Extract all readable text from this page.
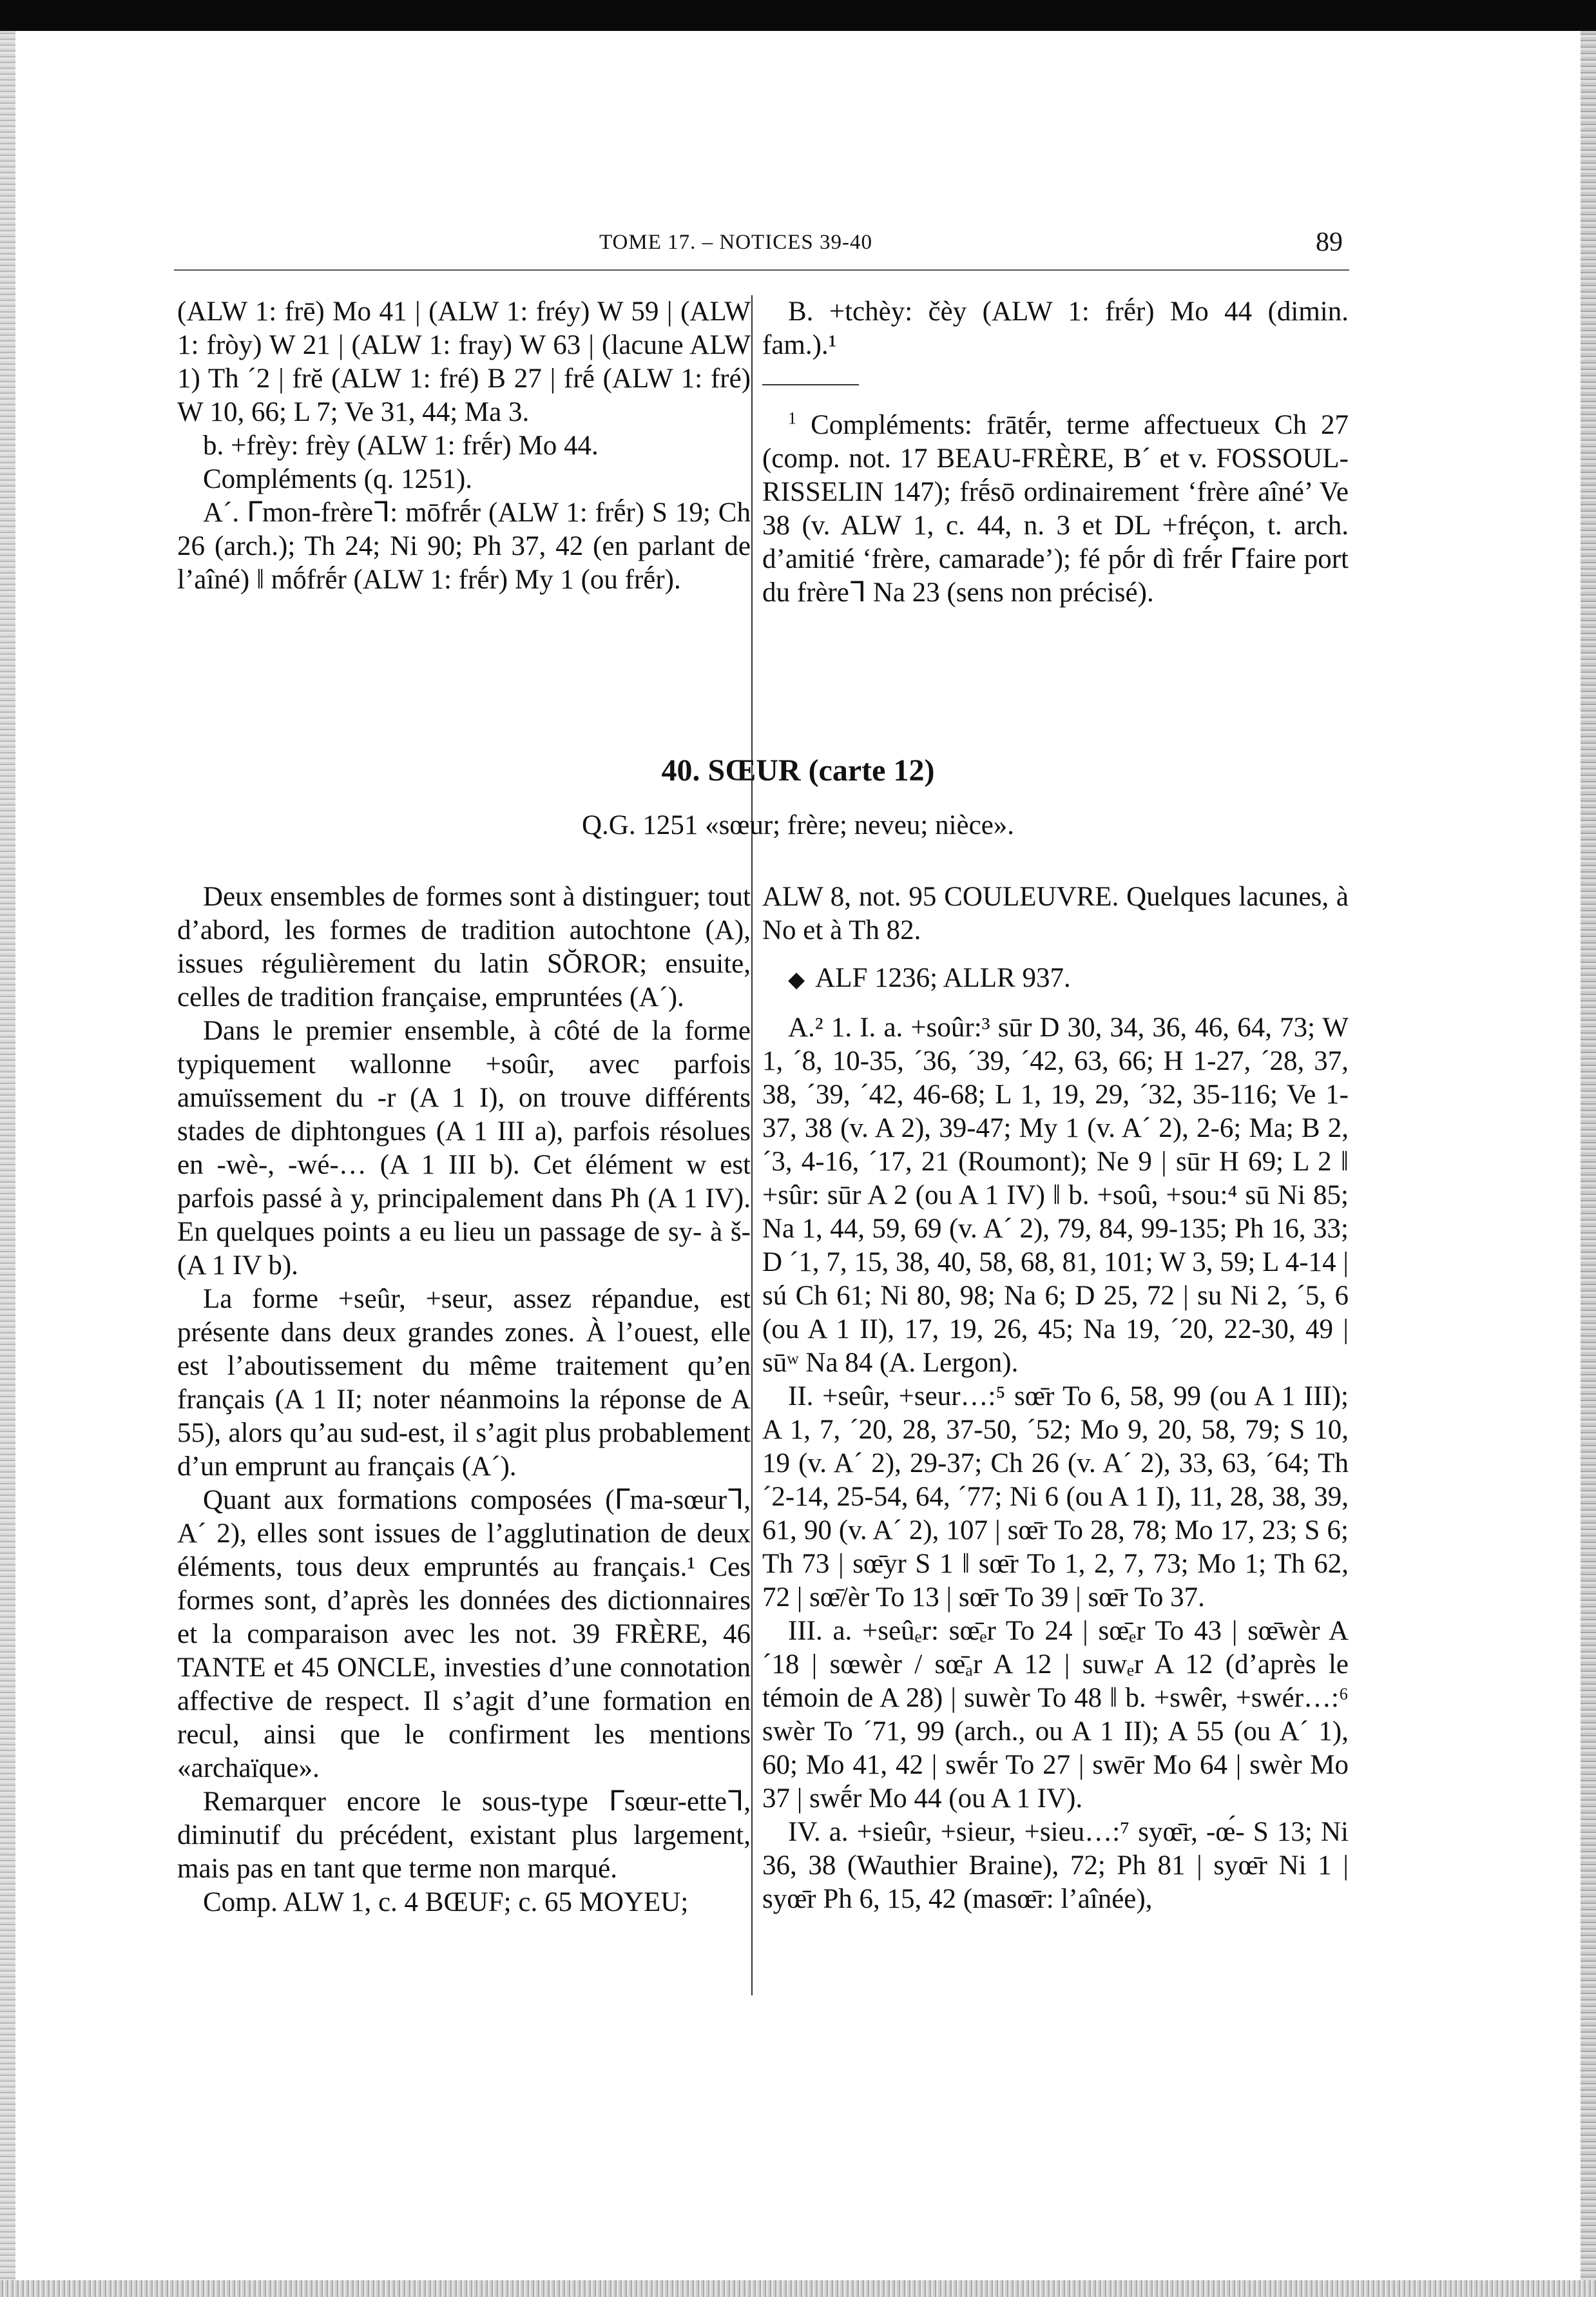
TOME 17. – NOTICES 39-40	89

(ALW 1: frē) Mo 41 | (ALW 1: fréy) W 59 | (ALW 1: fròy) W 21 | (ALW 1: fray) W 63 | (lacune ALW 1) Th ´2 | frĕ (ALW 1: fré) B 27 | frḗ (ALW 1: fré) W 10, 66; L 7; Ve 31, 44; Ma 3.

b. +frèy: frèy (ALW 1: frḗr) Mo 44.

Compléments (q. 1251).

A´. ᒥmon-frèreᒣ: mōfrḗr (ALW 1: frḗr) S 19; Ch 26 (arch.); Th 24; Ni 90; Ph 37, 42 (en parlant de l’aîné) ‖ mṓfrḗr (ALW 1: frḗr) My 1 (ou frḗr).

B. +tchèy: čèy (ALW 1: frḗr) Mo 44 (dimin. fam.).¹

$^1$ Compléments: frātḗr, terme affectueux Ch 27 (comp. not. 17 BEAU-FRÈRE, B´ et v. FOSSOUL-RISSELIN 147); frḗsō ordinairement ‘frère aîné’ Ve 38 (v. ALW 1, c. 44, n. 3 et DL +fréçon, t. arch. d’amitié ‘frère, camarade’); fé pṓr dì frḗr ᒥfaire port du frèreᒣ Na 23 (sens non précisé).

40. SŒUR (carte 12)
Q.G. 1251 «sœur; frère; neveu; nièce».

Deux ensembles de formes sont à distinguer; tout d’abord, les formes de tradition autochtone (A), issues régulièrement du latin SŎROR; ensuite, celles de tradition française, empruntées (A´).

Dans le premier ensemble, à côté de la forme typiquement wallonne +soûr, avec parfois amuïssement du -r (A 1 I), on trouve différents stades de diphtongues (A 1 III a), parfois résolues en -wè-, -wé-… (A 1 III b). Cet élément w est parfois passé à y, principalement dans Ph (A 1 IV). En quelques points a eu lieu un passage de sy- à š- (A 1 IV b).

La forme +seûr, +seur, assez répandue, est présente dans deux grandes zones. À l’ouest, elle est l’aboutissement du même traitement qu’en français (A 1 II; noter néanmoins la réponse de A 55), alors qu’au sud-est, il s’agit plus probablement d’un emprunt au français (A´).

Quant aux formations composées (ᒥma-sœurᒣ, A´ 2), elles sont issues de l’agglutination de deux éléments, tous deux empruntés au français.¹ Ces formes sont, d’après les données des dictionnaires et la comparaison avec les not. 39 FRÈRE, 46 TANTE et 45 ONCLE, investies d’une connotation affective de respect. Il s’agit d’une formation en recul, ainsi que le confirment les mentions «archaïque».

Remarquer encore le sous-type ᒥsœur-etteᒣ, diminutif du précédent, existant plus largement, mais pas en tant que terme non marqué.

Comp. ALW 1, c. 4 BŒUF; c. 65 MOYEU;

ALW 8, not. 95 COULEUVRE. Quelques lacunes, à No et à Th 82.

◆ ALF 1236; ALLR 937.

A.² 1. I. a. +soûr:³ sūr D 30, 34, 36, 46, 64, 73; W 1, ´8, 10-35, ´36, ´39, ´42, 63, 66; H 1-27, ´28, 37, 38, ´39, ´42, 46-68; L 1, 19, 29, ´32, 35-116; Ve 1-37, 38 (v. A 2), 39-47; My 1 (v. A´ 2), 2-6; Ma; B 2, ´3, 4-16, ´17, 21 (Roumont); Ne 9 | sūr H 69; L 2 ‖ +sûr: sūr A 2 (ou A 1 IV) ‖ b. +soû, +sou:⁴ sū Ni 85; Na 1, 44, 59, 69 (v. A´ 2), 79, 84, 99-135; Ph 16, 33; D ´1, 7, 15, 38, 40, 58, 68, 81, 101; W 3, 59; L 4-14 | sú Ch 61; Ni 80, 98; Na 6; D 25, 72 | su Ni 2, ´5, 6 (ou A 1 II), 17, 19, 26, 45; Na 19, ´20, 22-30, 49 | sūʷ Na 84 (A. Lergon).

II. +seûr, +seur…:⁵ sœ̄r To 6, 58, 99 (ou A 1 III); A 1, 7, ´20, 28, 37-50, ´52; Mo 9, 20, 58, 79; S 10, 19 (v. A´ 2), 29-37; Ch 26 (v. A´ 2), 33, 63, ´64; Th ´2-14, 25-54, 64, ´77; Ni 6 (ou A 1 I), 11, 28, 38, 39, 61, 90 (v. A´ 2), 107 | sœ̄r To 28, 78; Mo 17, 23; S 6; Th 73 | sœ̄yr S 1 ‖ sœ̄r To 1, 2, 7, 73; Mo 1; Th 62, 72 | sœ̄/èr To 13 | sœ̄r To 39 | sœ̄r To 37.

III. a. +seûₑr: sœ̄ₑr To 24 | sœ̄ₑr To 43 | sœ̄wèr A ´18 | sœwèr / sœ̄ₐr A 12 | suwₑr A 12 (d’après le témoin de A 28) | suwèr To 48 ‖ b. +swêr, +swér…:⁶ swèr To ´71, 99 (arch., ou A 1 II); A 55 (ou A´ 1), 60; Mo 41, 42 | swḗr To 27 | swēr Mo 64 | swèr Mo 37 | swḗr Mo 44 (ou A 1 IV).

IV. a. +sieûr, +sieur, +sieu…:⁷ syœ̄r, -œ́- S 13; Ni 36, 38 (Wauthier Braine), 72; Ph 81 | syœ̄r Ni 1 | syœ̄r Ph 6, 15, 42 (masœ̄r: l’aînée),
